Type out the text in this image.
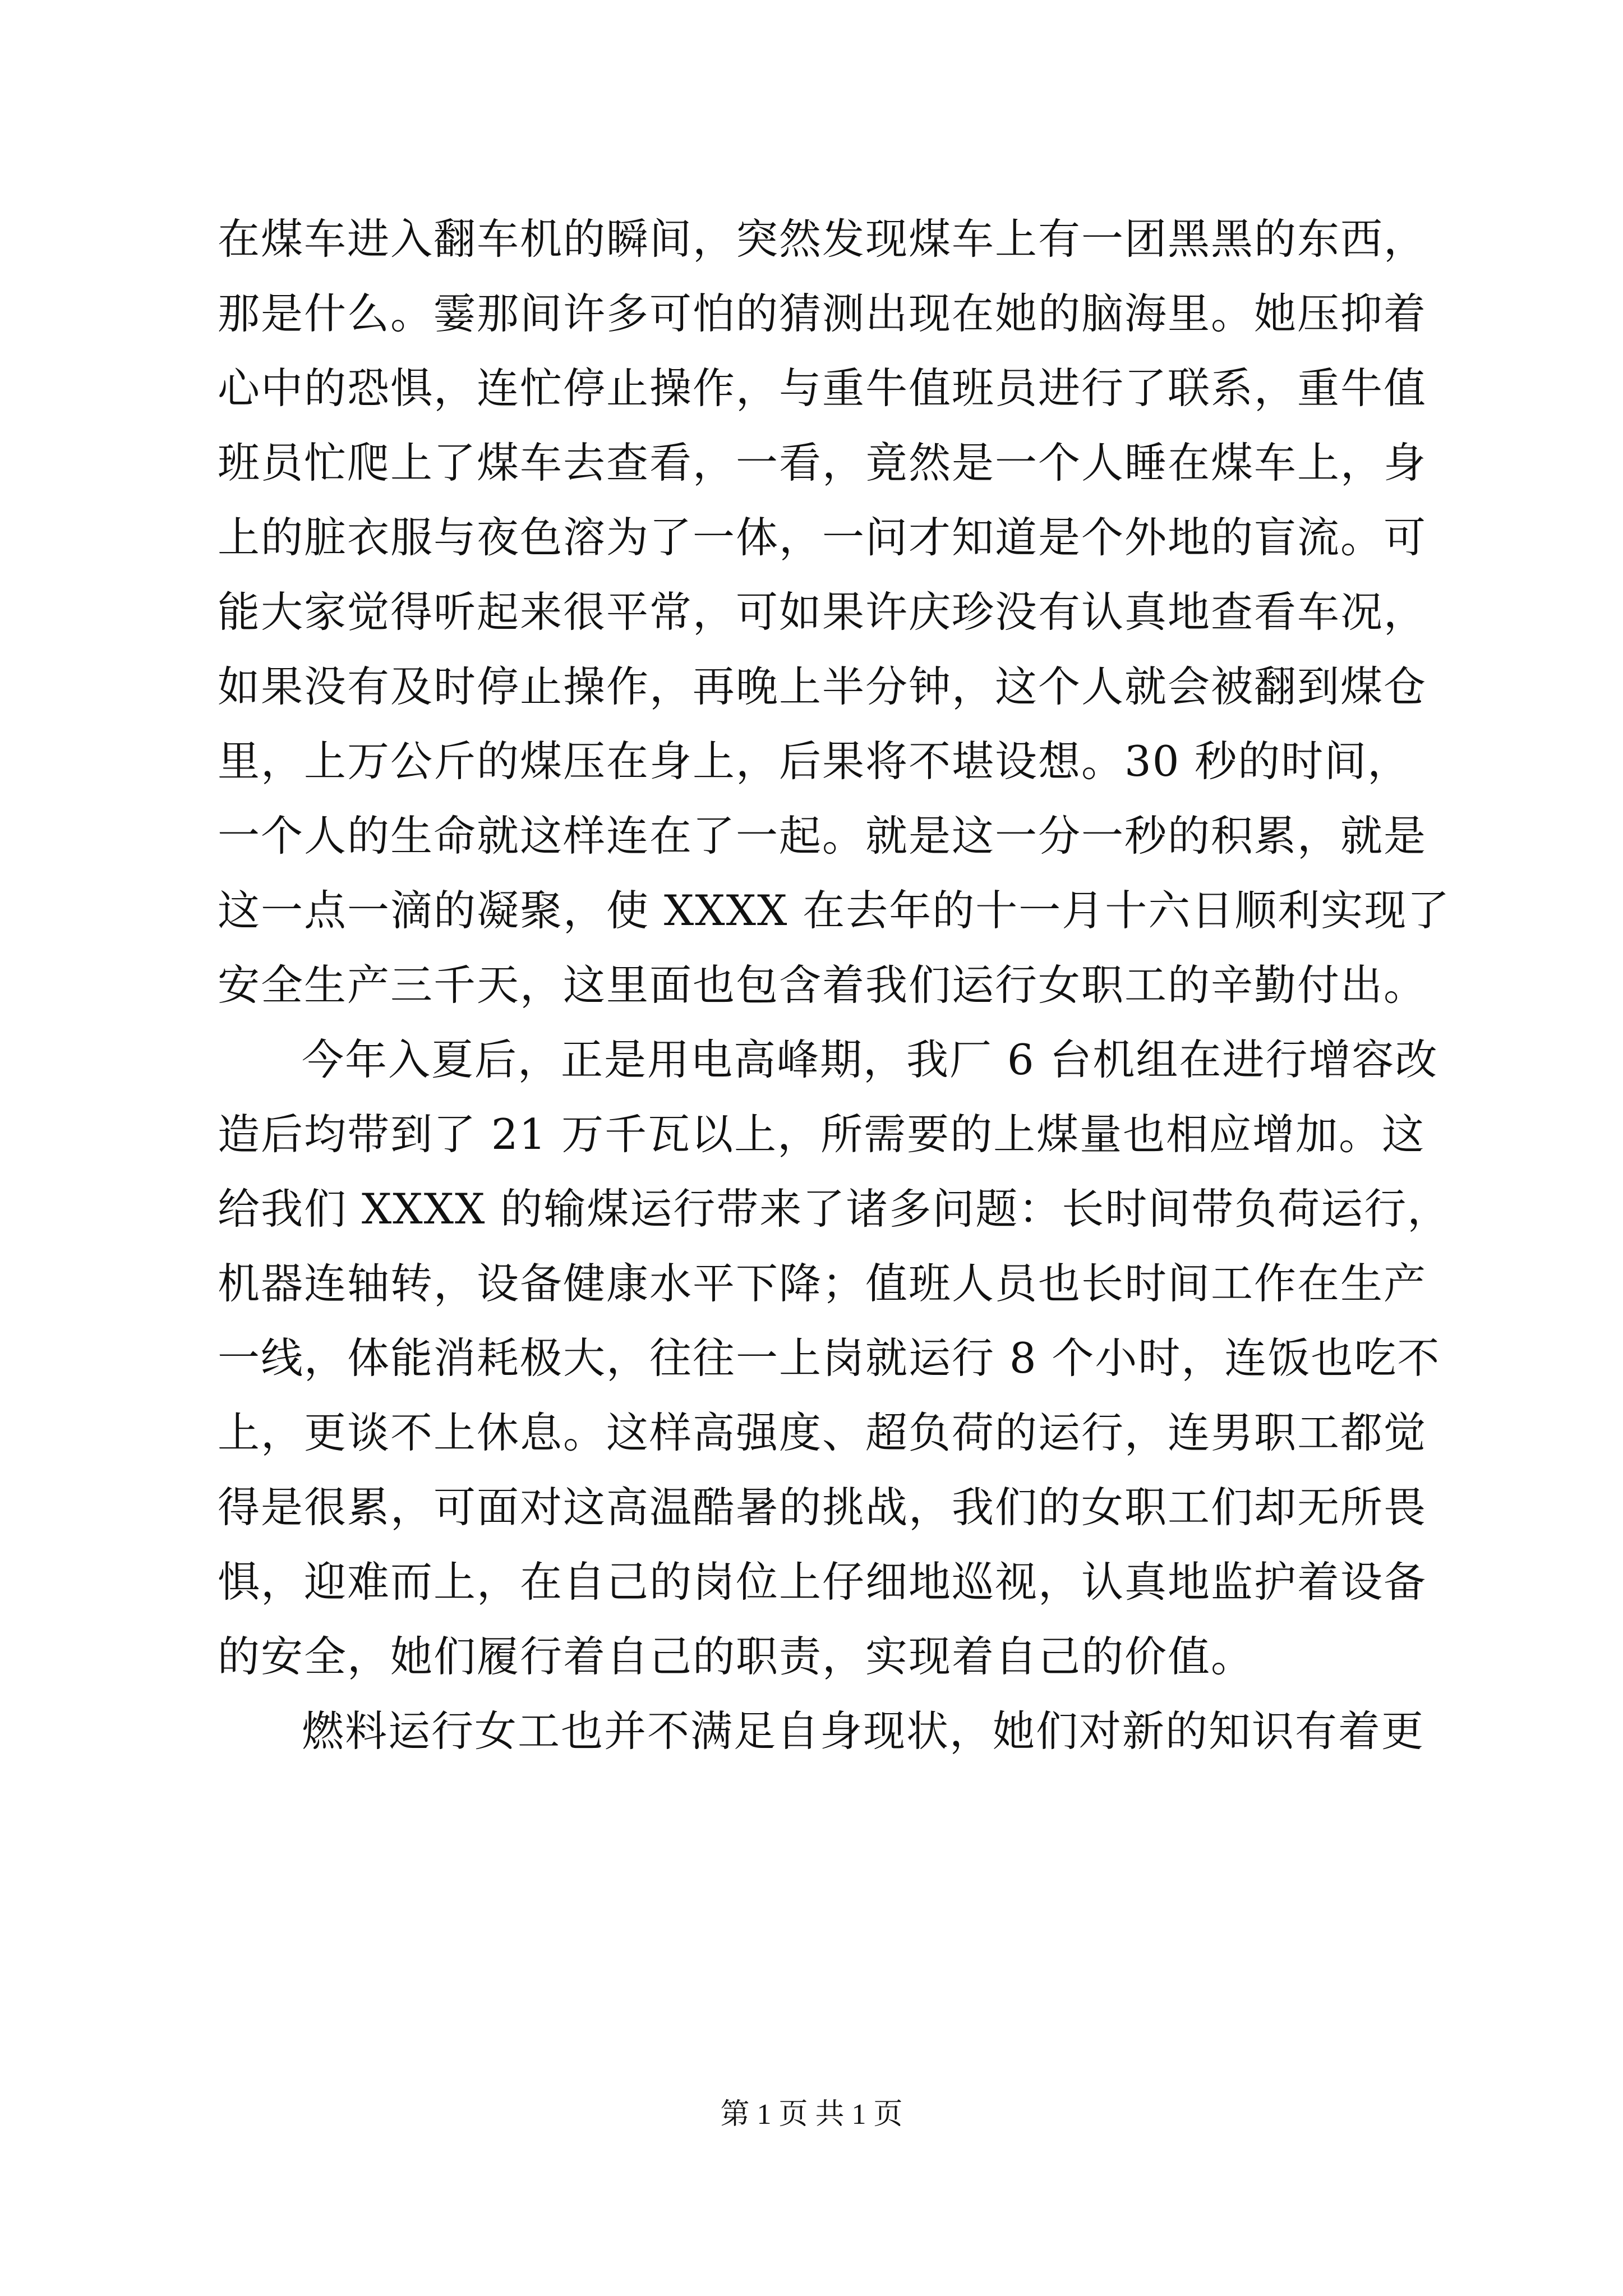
在煤车进入翻车机的瞬间，突然发现煤车上有一团黑黑的东西，
那是什么。霎那间许多可怕的猜测出现在她的脑海里。她压抑着
心中的恐惧，连忙停止操作，与重牛值班员进行了联系，重牛值
班员忙爬上了煤车去查看，一看，竟然是一个人睡在煤车上，身
上的脏衣服与夜色溶为了一体，一问才知道是个外地的盲流。可
能大家觉得听起来很平常，可如果许庆珍没有认真地查看车况，
如果没有及时停止操作，再晚上半分钟，这个人就会被翻到煤仓
里，上万公斤的煤压在身上，后果将不堪设想。30 秒的时间，
一个人的生命就这样连在了一起。就是这一分一秒的积累，就是
这一点一滴的凝聚，使 XXXX 在去年的十一月十六日顺利实现了
安全生产三千天，这里面也包含着我们运行女职工的辛勤付出。
今年入夏后，正是用电高峰期，我厂 6 台机组在进行增容改
造后均带到了 21 万千瓦以上，所需要的上煤量也相应增加。这
给我们 XXXX 的输煤运行带来了诸多问题：长时间带负荷运行，
机器连轴转，设备健康水平下降；值班人员也长时间工作在生产
一线，体能消耗极大，往往一上岗就运行 8 个小时，连饭也吃不
上，更谈不上休息。这样高强度、超负荷的运行，连男职工都觉
得是很累，可面对这高温酷暑的挑战，我们的女职工们却无所畏
惧，迎难而上，在自己的岗位上仔细地巡视，认真地监护着设备
的安全，她们履行着自己的职责，实现着自己的价值。
燃料运行女工也并不满足自身现状，她们对新的知识有着更
第 1 页 共 1 页
